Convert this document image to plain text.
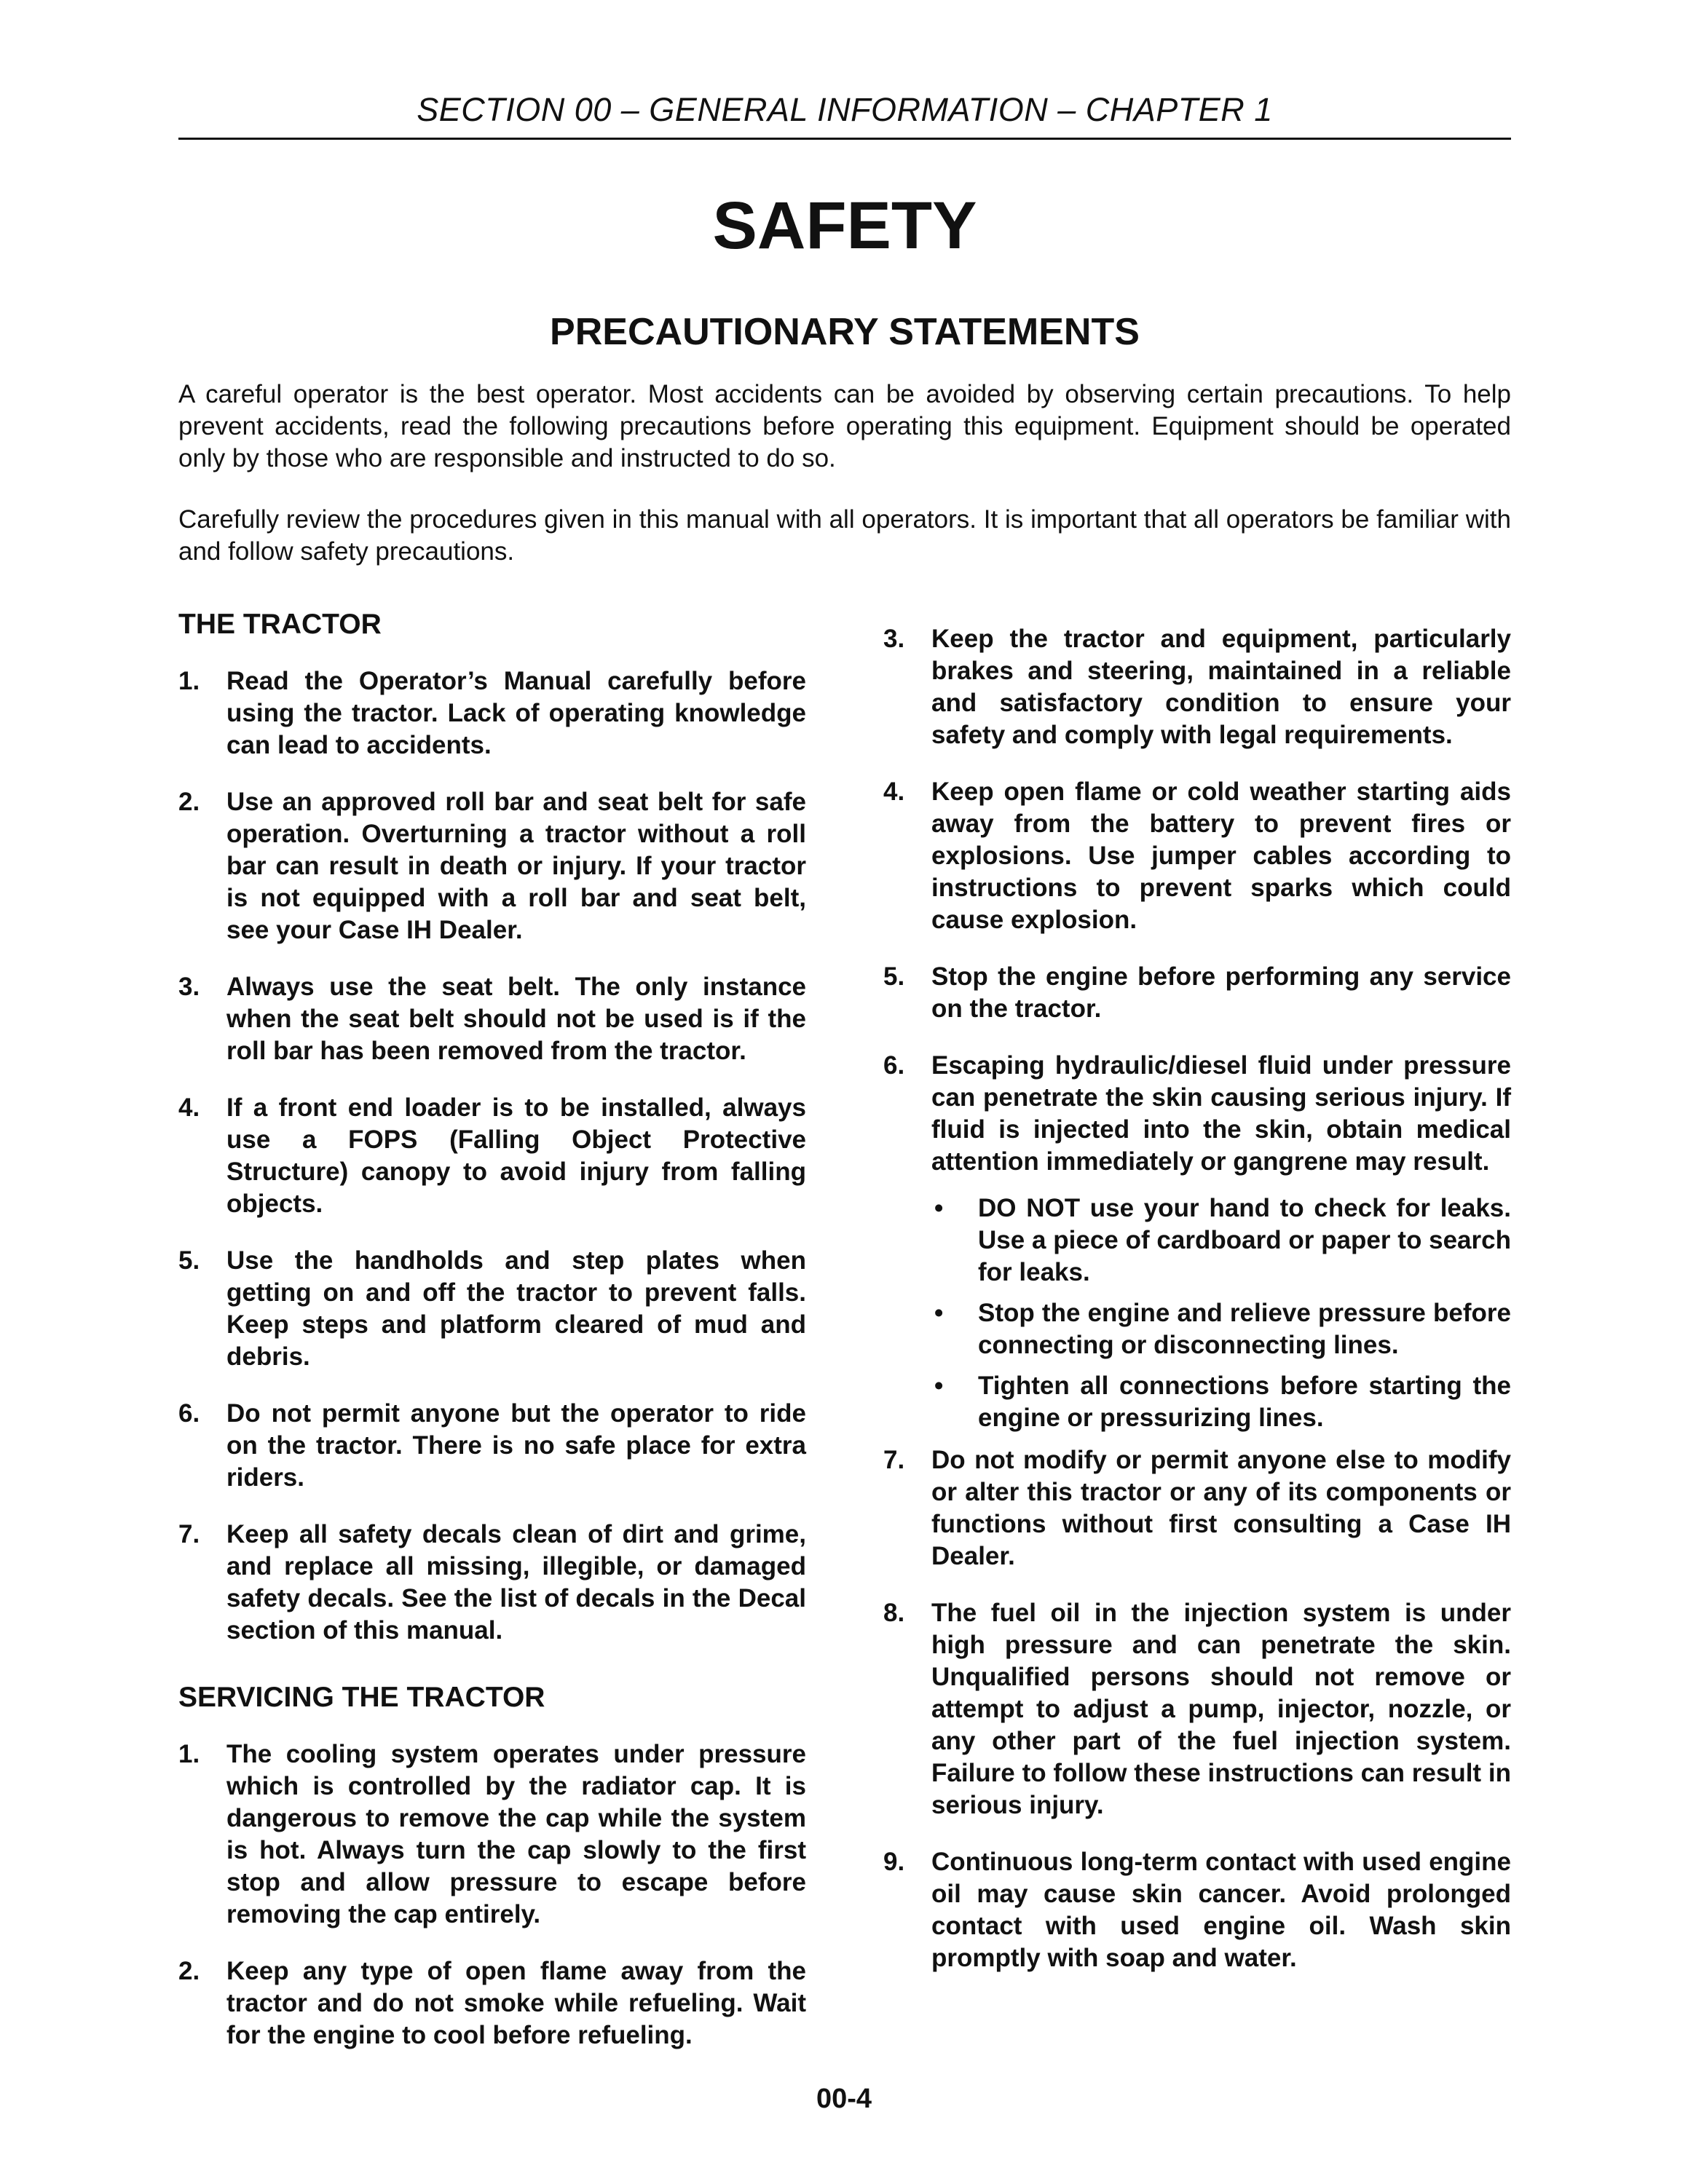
SECTION 00 – GENERAL INFORMATION – CHAPTER 1

SAFETY
PRECAUTIONARY STATEMENTS

A careful operator is the best operator. Most accidents can be avoided by observing certain precautions. To help prevent accidents, read the following precautions before operating this equipment. Equipment should be operated only by those who are responsible and instructed to do so.

Carefully review the procedures given in this manual with all operators. It is important that all operators be familiar with and follow safety precautions.

THE TRACTOR
1. Read the Operator’s Manual carefully before using the tractor. Lack of operating knowledge can lead to accidents.
2. Use an approved roll bar and seat belt for safe operation. Overturning a tractor without a roll bar can result in death or injury. If your tractor is not equipped with a roll bar and seat belt, see your Case IH Dealer.
3. Always use the seat belt. The only instance when the seat belt should not be used is if the roll bar has been removed from the tractor.
4. If a front end loader is to be installed, always use a FOPS (Falling Object Protective Structure) canopy to avoid injury from falling objects.
5. Use the handholds and step plates when getting on and off the tractor to prevent falls. Keep steps and platform cleared of mud and debris.
6. Do not permit anyone but the operator to ride on the tractor. There is no safe place for extra riders.
7. Keep all safety decals clean of dirt and grime, and replace all missing, illegible, or damaged safety decals. See the list of decals in the Decal section of this manual.
SERVICING THE TRACTOR
1. The cooling system operates under pressure which is controlled by the radiator cap. It is dangerous to remove the cap while the system is hot. Always turn the cap slowly to the first stop and allow pressure to escape before removing the cap entirely.
2. Keep any type of open flame away from the tractor and do not smoke while refueling. Wait for the engine to cool before refueling.
3. Keep the tractor and equipment, particularly brakes and steering, maintained in a reliable and satisfactory condition to ensure your safety and comply with legal requirements.
4. Keep open flame or cold weather starting aids away from the battery to prevent fires or explosions. Use jumper cables according to instructions to prevent sparks which could cause explosion.
5. Stop the engine before performing any service on the tractor.
6. Escaping hydraulic/diesel fluid under pressure can penetrate the skin causing serious injury. If fluid is injected into the skin, obtain medical attention immediately or gangrene may result.
• DO NOT use your hand to check for leaks. Use a piece of cardboard or paper to search for leaks.
• Stop the engine and relieve pressure before connecting or disconnecting lines.
• Tighten all connections before starting the engine or pressurizing lines.
7. Do not modify or permit anyone else to modify or alter this tractor or any of its components or functions without first consulting a Case IH Dealer.
8. The fuel oil in the injection system is under high pressure and can penetrate the skin. Unqualified persons should not remove or attempt to adjust a pump, injector, nozzle, or any other part of the fuel injection system. Failure to follow these instructions can result in serious injury.
9. Continuous long-term contact with used engine oil may cause skin cancer. Avoid prolonged contact with used engine oil. Wash skin promptly with soap and water.
00-4
